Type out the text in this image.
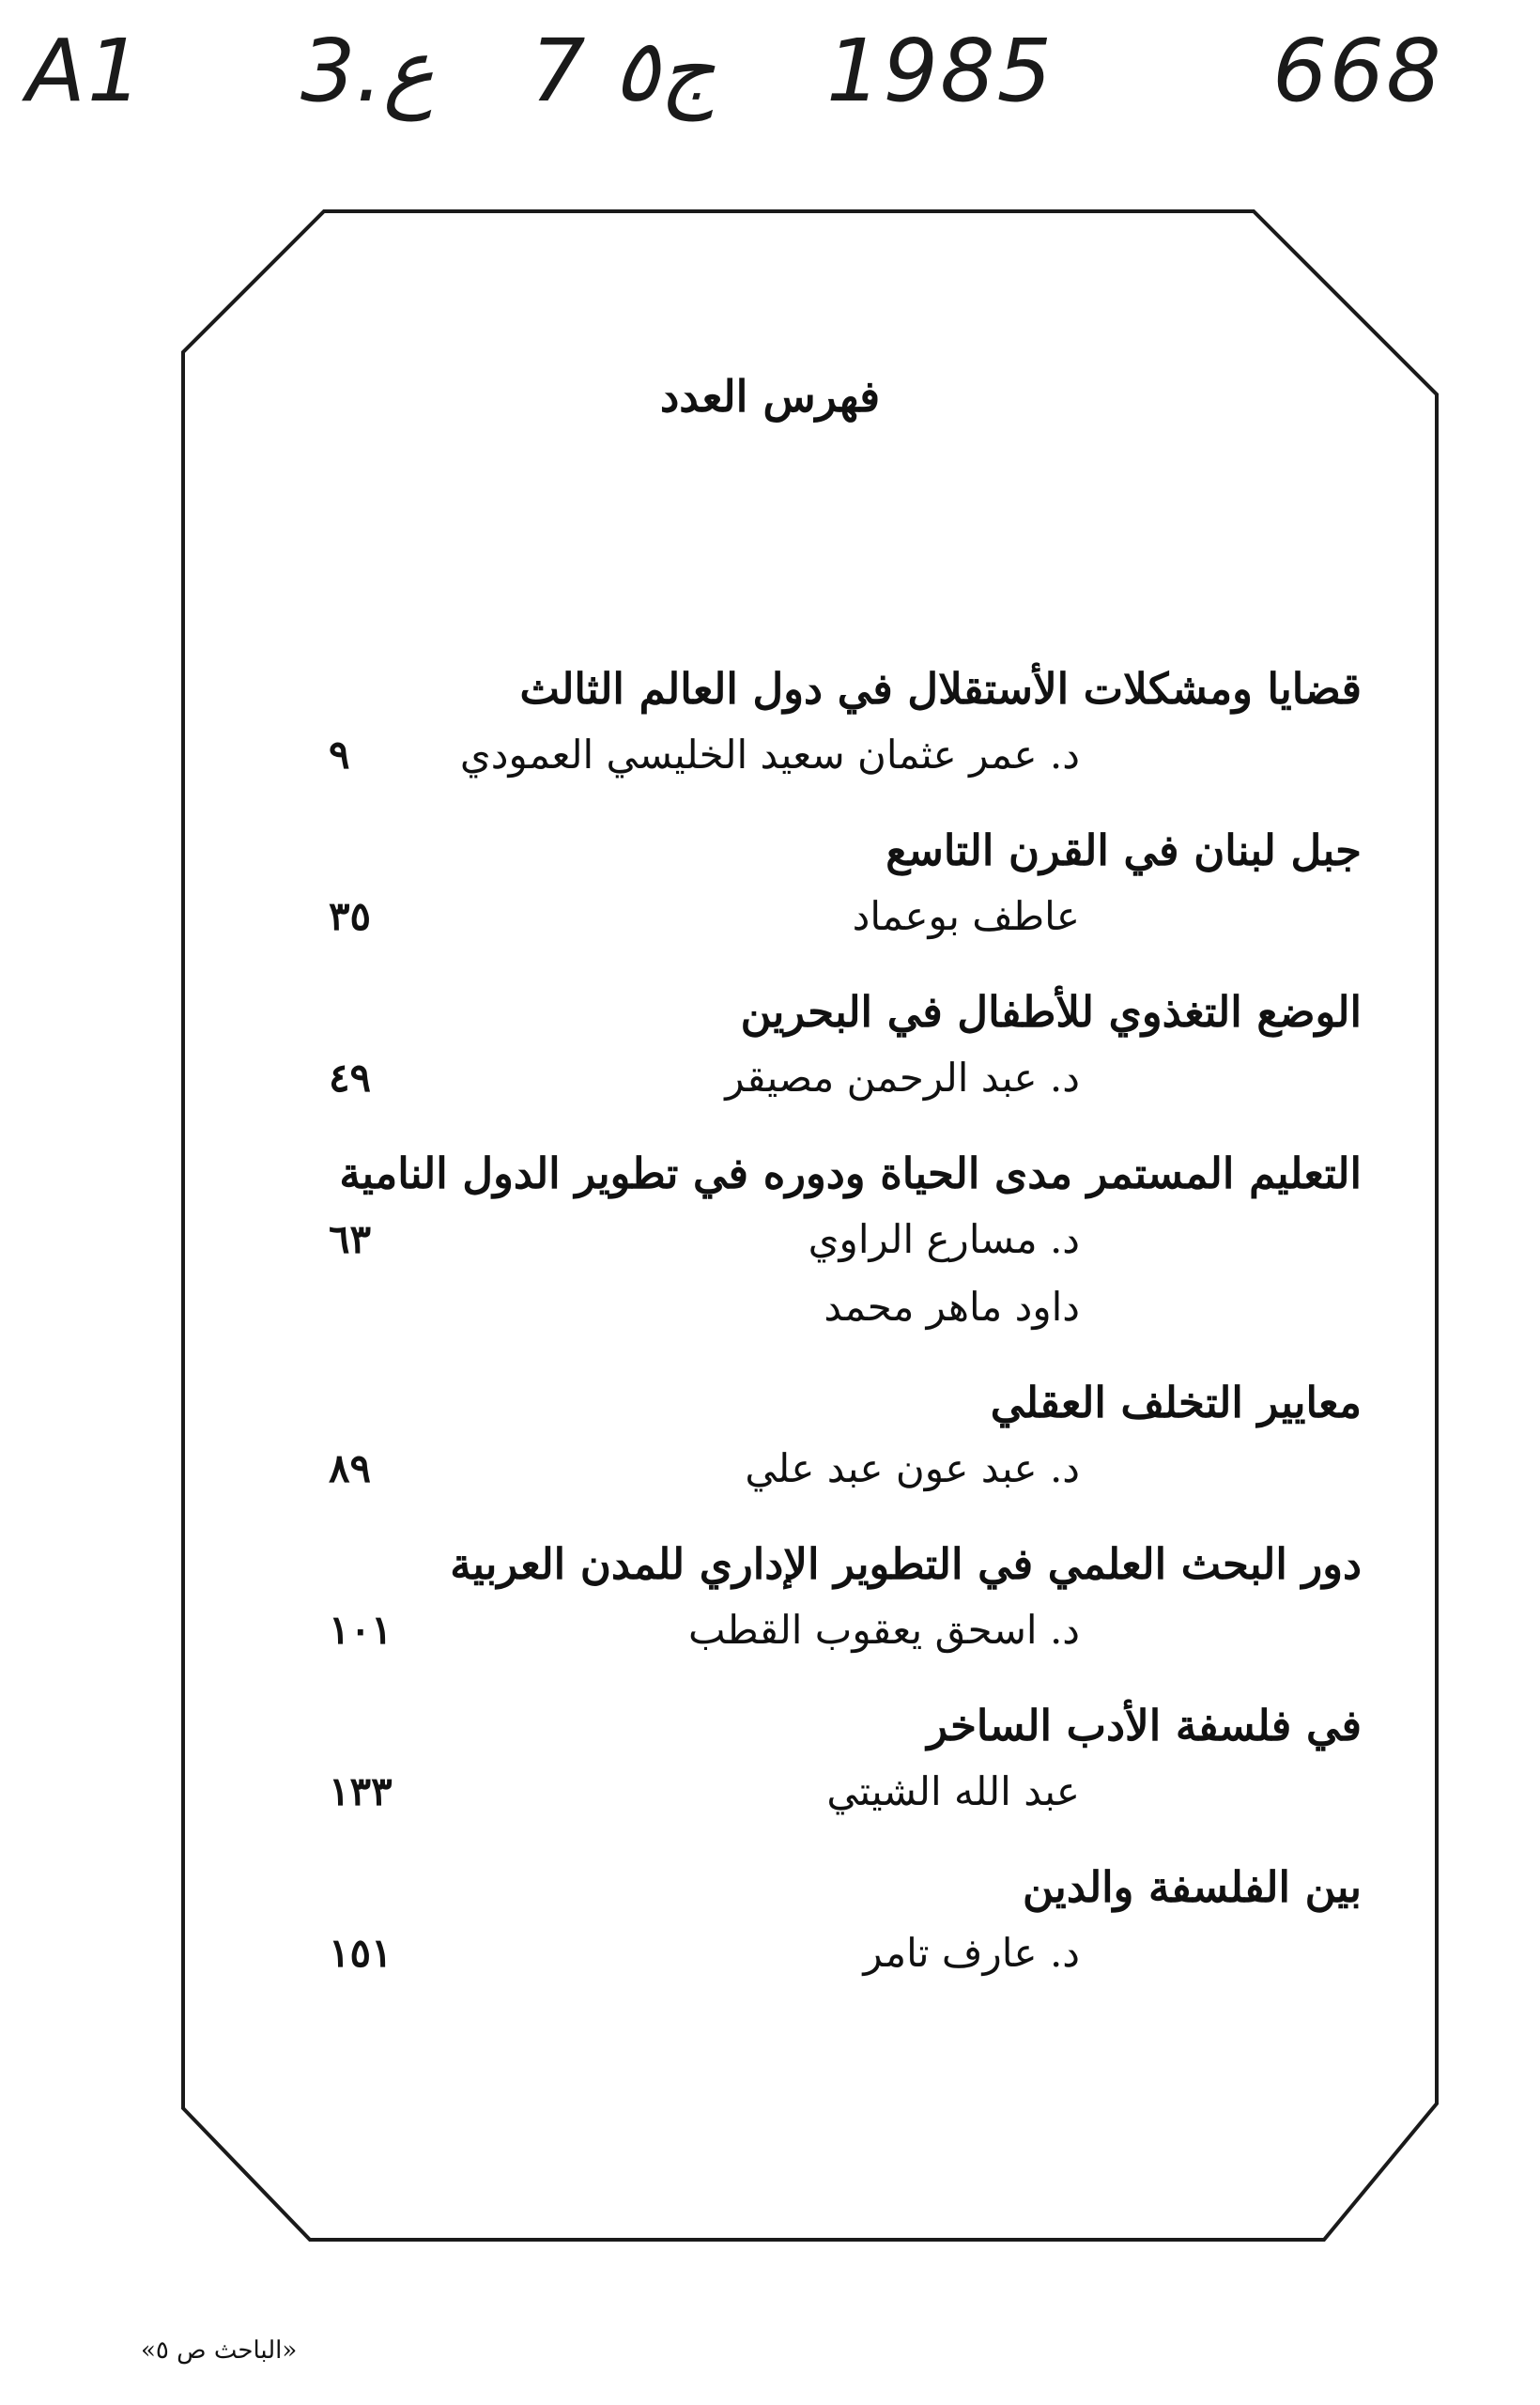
A1 3.ع 7 ج٥ 1985	668
فهرس العدد
قضايا ومشكلات الأستقلال في دول العالم الثالث
د. عمر عثمان سعيد الخليسي العمودي
٩
جبل لبنان في القرن التاسع
عاطف بوعماد
٣٥
الوضع التغذوي للأطفال في البحرين
د. عبد الرحمن مصيقر
٤٩
التعليم المستمر مدى الحياة ودوره في تطوير الدول النامية
د. مسارع الراوي
٦٣
داود ماهر محمد
معايير التخلف العقلي
د. عبد عون عبد علي
٨٩
دور البحث العلمي في التطوير الإداري للمدن العربية
د. اسحق يعقوب القطب
١٠١
في فلسفة الأدب الساخر
عبد الله الشيتي
١٣٣
بين الفلسفة والدين
د. عارف تامر
١٥١
«الباحث ص ٥»
